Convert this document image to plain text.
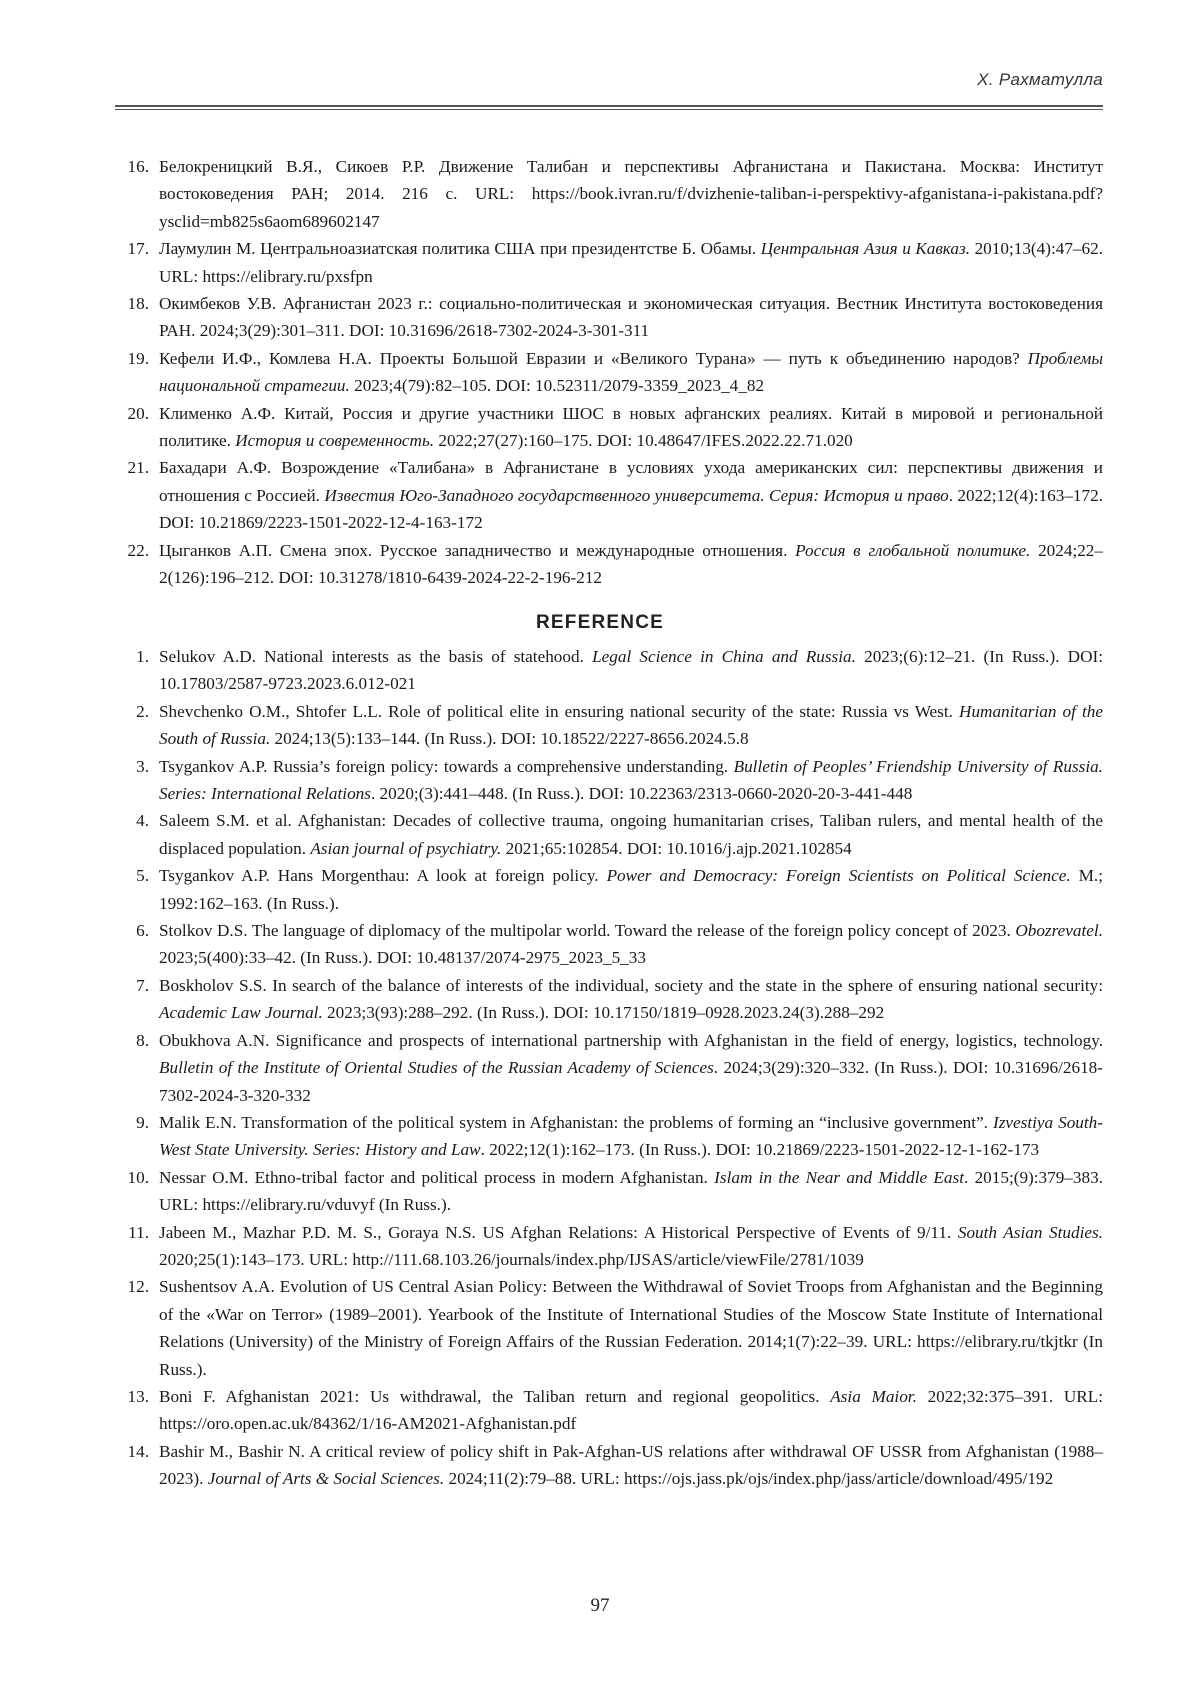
Х. Рахматулла
16. Белокреницкий В.Я., Сикоев Р.Р. Движение Талибан и перспективы Афганистана и Пакистана. Москва: Институт востоковедения РАН; 2014. 216 с. URL: https://book.ivran.ru/f/dvizhenie-taliban-i-perspektivy-afganistana-i-pakistana.pdf?ysclid=mb825s6aom689602147
17. Лаумулин М. Центральноазиатская политика США при президентстве Б. Обамы. Центральная Азия и Кавказ. 2010;13(4):47–62. URL: https://elibrary.ru/pxsfpn
18. Окимбеков У.В. Афганистан 2023 г.: социально-политическая и экономическая ситуация. Вестник Института востоковедения РАН. 2024;3(29):301–311. DOI: 10.31696/2618-7302-2024-3-301-311
19. Кефели И.Ф., Комлева Н.А. Проекты Большой Евразии и «Великого Турана» — путь к объединению народов? Проблемы национальной стратегии. 2023;4(79):82–105. DOI: 10.52311/2079-3359_2023_4_82
20. Клименко А.Ф. Китай, Россия и другие участники ШОС в новых афганских реалиях. Китай в мировой и региональной политике. История и современность. 2022;27(27):160–175. DOI: 10.48647/IFES.2022.22.71.020
21. Бахадари А.Ф. Возрождение «Талибана» в Афганистане в условиях ухода американских сил: перспективы движения и отношения с Россией. Известия Юго-Западного государственного университета. Серия: История и право. 2022;12(4):163–172. DOI: 10.21869/2223-1501-2022-12-4-163-172
22. Цыганков А.П. Смена эпох. Русское западничество и международные отношения. Россия в глобальной политике. 2024;22–2(126):196–212. DOI: 10.31278/1810-6439-2024-22-2-196-212
REFERENCE
1. Selukov A.D. National interests as the basis of statehood. Legal Science in China and Russia. 2023;(6):12–21. (In Russ.). DOI: 10.17803/2587-9723.2023.6.012-021
2. Shevchenko O.M., Shtofer L.L. Role of political elite in ensuring national security of the state: Russia vs West. Humanitarian of the South of Russia. 2024;13(5):133–144. (In Russ.). DOI: 10.18522/2227-8656.2024.5.8
3. Tsygankov A.P. Russia’s foreign policy: towards a comprehensive understanding. Bulletin of Peoples’ Friendship University of Russia. Series: International Relations. 2020;(3):441–448. (In Russ.). DOI: 10.22363/2313-0660-2020-20-3-441-448
4. Saleem S.M. et al. Afghanistan: Decades of collective trauma, ongoing humanitarian crises, Taliban rulers, and mental health of the displaced population. Asian journal of psychiatry. 2021;65:102854. DOI: 10.1016/j.ajp.2021.102854
5. Tsygankov A.P. Hans Morgenthau: A look at foreign policy. Power and Democracy: Foreign Scientists on Political Science. M.; 1992:162–163. (In Russ.).
6. Stolkov D.S. The language of diplomacy of the multipolar world. Toward the release of the foreign policy concept of 2023. Obozrevatel. 2023;5(400):33–42. (In Russ.). DOI: 10.48137/2074-2975_2023_5_33
7. Boskholov S.S. In search of the balance of interests of the individual, society and the state in the sphere of ensuring national security: Academic Law Journal. 2023;3(93):288–292. (In Russ.). DOI: 10.17150/1819–0928.2023.24(3).288–292
8. Obukhova A.N. Significance and prospects of international partnership with Afghanistan in the field of energy, logistics, technology. Bulletin of the Institute of Oriental Studies of the Russian Academy of Sciences. 2024;3(29):320–332. (In Russ.). DOI: 10.31696/2618-7302-2024-3-320-332
9. Malik E.N. Transformation of the political system in Afghanistan: the problems of forming an “inclusive government”. Izvestiya South-West State University. Series: History and Law. 2022;12(1):162–173. (In Russ.). DOI: 10.21869/2223-1501-2022-12-1-162-173
10. Nessar O.M. Ethno-tribal factor and political process in modern Afghanistan. Islam in the Near and Middle East. 2015;(9):379–383. URL: https://elibrary.ru/vduvyf (In Russ.).
11. Jabeen M., Mazhar P.D. M. S., Goraya N.S. US Afghan Relations: A Historical Perspective of Events of 9/11. South Asian Studies. 2020;25(1):143–173. URL: http://111.68.103.26/journals/index.php/IJSAS/article/viewFile/2781/1039
12. Sushentsov A.A. Evolution of US Central Asian Policy: Between the Withdrawal of Soviet Troops from Afghanistan and the Beginning of the «War on Terror» (1989–2001). Yearbook of the Institute of International Studies of the Moscow State Institute of International Relations (University) of the Ministry of Foreign Affairs of the Russian Federation. 2014;1(7):22–39. URL: https://elibrary.ru/tkjtkr (In Russ.).
13. Boni F. Afghanistan 2021: Us withdrawal, the Taliban return and regional geopolitics. Asia Maior. 2022;32:375–391. URL: https://oro.open.ac.uk/84362/1/16-AM2021-Afghanistan.pdf
14. Bashir M., Bashir N. A critical review of policy shift in Pak-Afghan-US relations after withdrawal OF USSR from Afghanistan (1988–2023). Journal of Arts & Social Sciences. 2024;11(2):79–88. URL: https://ojs.jass.pk/ojs/index.php/jass/article/download/495/192
97
